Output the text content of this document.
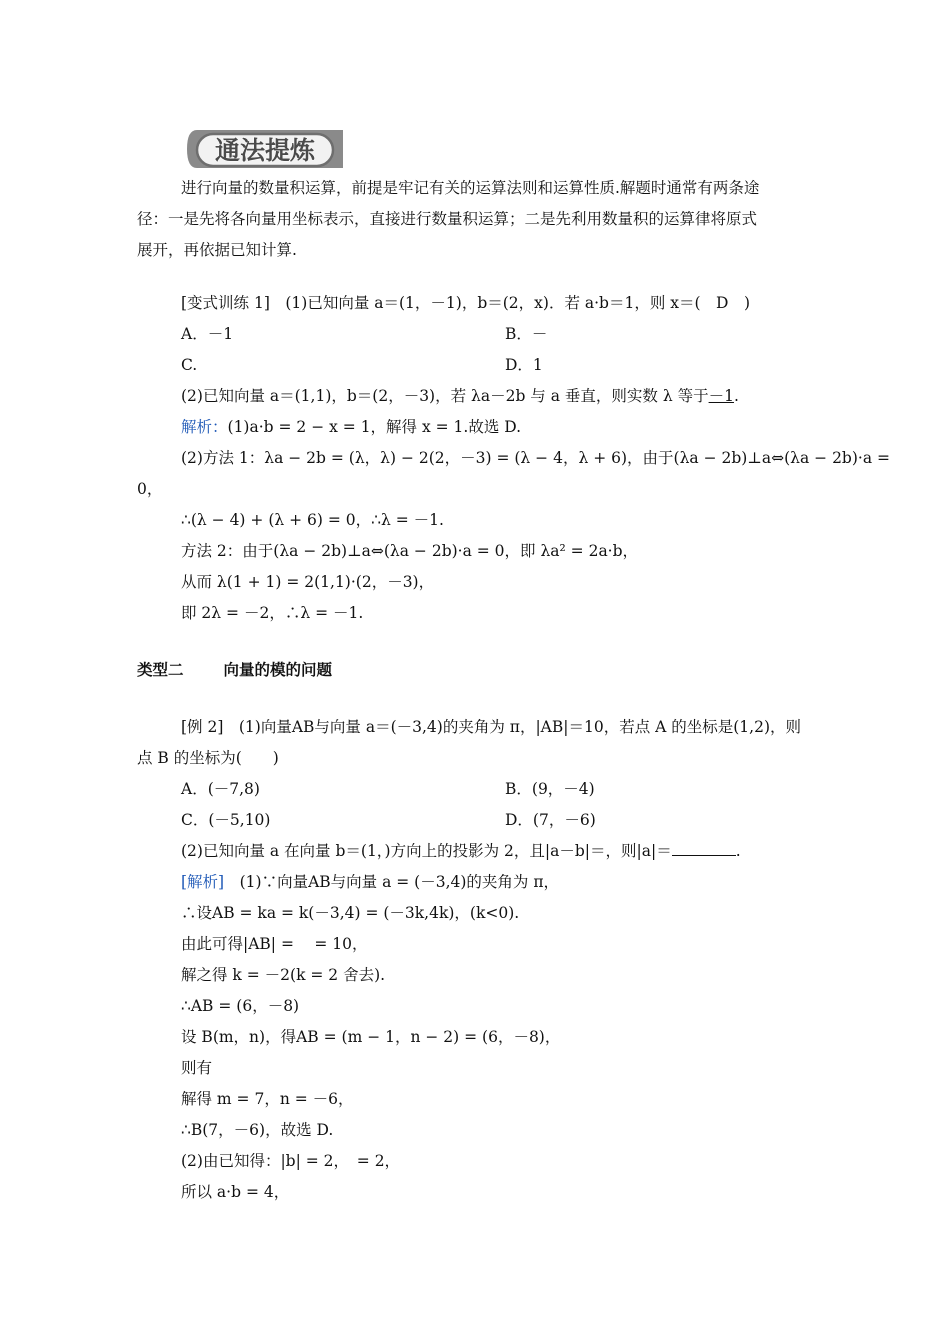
通法提炼
进行向量的数量积运算，前提是牢记有关的运算法则和运算性质.解题时通常有两条途
径：一是先将各向量用坐标表示，直接进行数量积运算；二是先利用数量积的运算律将原式
展开，再依据已知计算.
[变式训练 1]　(1)已知向量 a＝(1，－1)，b＝(2，x)．若 a·b＝1，则 x＝(　D　)
A．－1	B．－
C.	D．1
(2)已知向量 a＝(1,1)，b＝(2，－3)，若 λa－2b 与 a 垂直，则实数 λ 等于－1.
解析：(1)a·b = 2 − x = 1，解得 x = 1.故选 D.
(2)方法 1：λa − 2b = (λ，λ) − 2(2，－3) = (λ − 4，λ + 6)，由于(λa − 2b)⊥a⇔(λa − 2b)·a =
0，
∴(λ − 4) + (λ + 6) = 0，∴λ = －1.
方法 2：由于(λa − 2b)⊥a⇔(λa − 2b)·a = 0，即 λa² = 2a·b，
从而 λ(1 + 1) = 2(1,1)·(2，－3)，
即 2λ = －2，∴λ = －1.
类型二	向量的模的问题
[例 2]　(1)向量AB与向量 a＝(－3,4)的夹角为 π，|AB|＝10，若点 A 的坐标是(1,2)，则
点 B 的坐标为(　　)
A．(－7,8)	B．(9，－4)
C．(－5,10)	D．(7，－6)
(2)已知向量 a 在向量 b＝(1，)方向上的投影为 2，且|a－b|＝，则|a|＝	.
[解析]　(1)∵向量AB与向量 a = (－3,4)的夹角为 π，
∴设AB = ka = k(－3,4) = (－3k,4k)，(k<0).
由此可得|AB| = 　= 10，
解之得 k = －2(k = 2 舍去).
∴AB = (6，－8)
设 B(m，n)，得AB = (m − 1，n − 2) = (6，－8)，
则有
解得 m = 7，n = －6，
∴B(7，－6)，故选 D.
(2)由已知得：|b| = 2，　= 2，
所以 a·b = 4，
